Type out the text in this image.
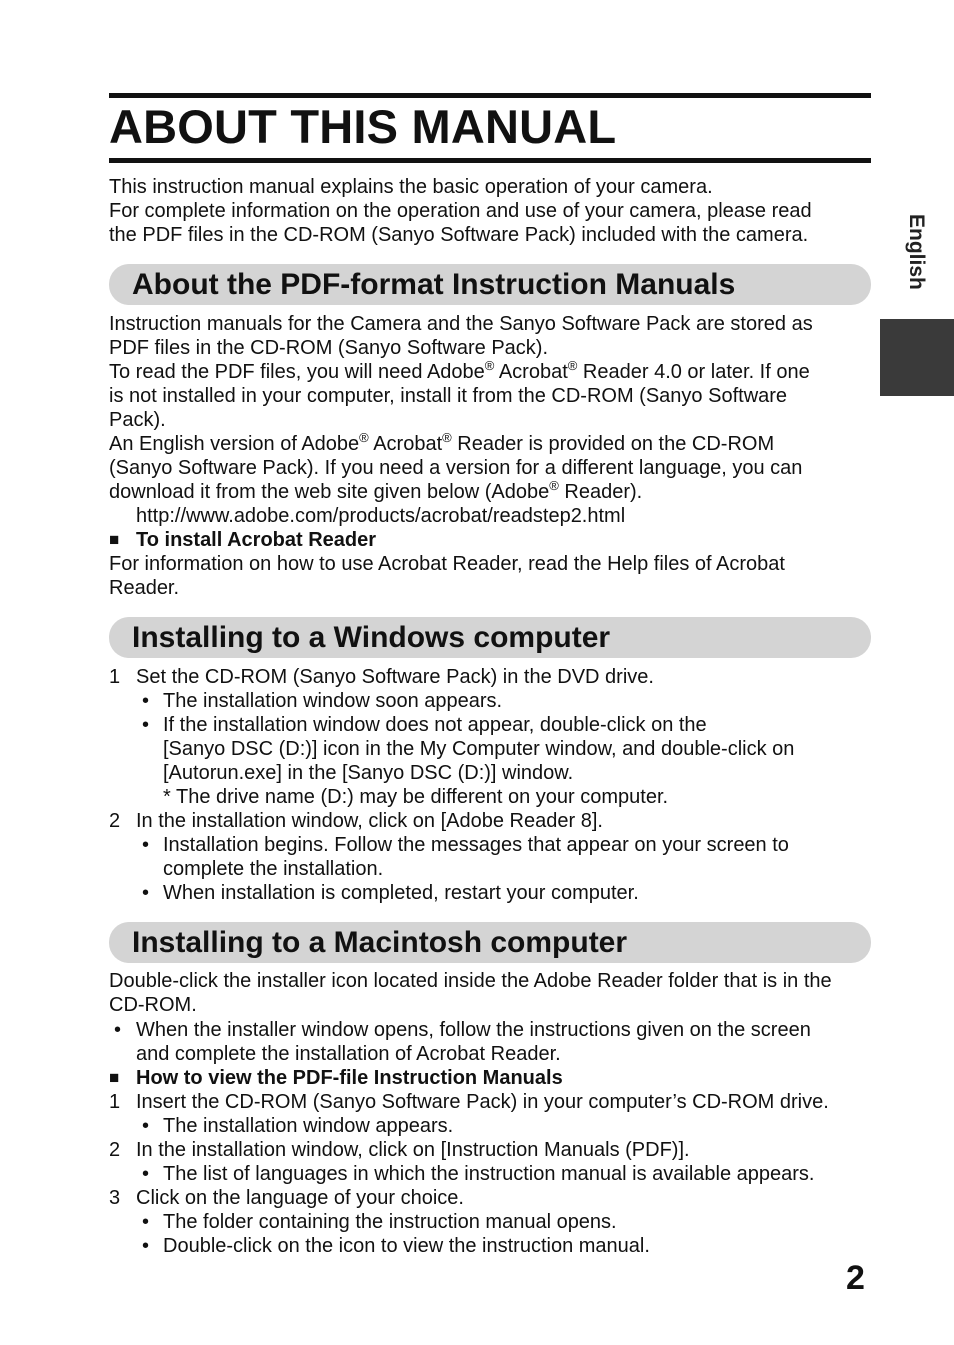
ABOUT THIS MANUAL
English
This instruction manual explains the basic operation of your camera.
For complete information on the operation and use of your camera, please read
the PDF files in the CD-ROM (Sanyo Software Pack) included with the camera.
About the PDF-format Instruction Manuals
Instruction manuals for the Camera and the Sanyo Software Pack are stored as
PDF files in the CD-ROM (Sanyo Software Pack).
To read the PDF files, you will need Adobe® Acrobat® Reader 4.0 or later. If one
is not installed in your computer, install it from the CD-ROM (Sanyo Software
Pack).
An English version of Adobe® Acrobat® Reader is provided on the CD-ROM
(Sanyo Software Pack). If you need a version for a different language, you can
download it from the web site given below (Adobe® Reader).
http://www.adobe.com/products/acrobat/readstep2.html
■ To install Acrobat Reader
For information on how to use Acrobat Reader, read the Help files of Acrobat
Reader.
Installing to a Windows computer
1 Set the CD-ROM (Sanyo Software Pack) in the DVD drive.
• The installation window soon appears.
• If the installation window does not appear, double-click on the
[Sanyo DSC (D:)] icon in the My Computer window, and double-click on
[Autorun.exe] in the [Sanyo DSC (D:)] window.
* The drive name (D:) may be different on your computer.
2 In the installation window, click on [Adobe Reader 8].
• Installation begins. Follow the messages that appear on your screen to
complete the installation.
• When installation is completed, restart your computer.
Installing to a Macintosh computer
Double-click the installer icon located inside the Adobe Reader folder that is in the
CD-ROM.
• When the installer window opens, follow the instructions given on the screen
and complete the installation of Acrobat Reader.
■ How to view the PDF-file Instruction Manuals
1 Insert the CD-ROM (Sanyo Software Pack) in your computer’s CD-ROM drive.
• The installation window appears.
2 In the installation window, click on [Instruction Manuals (PDF)].
• The list of languages in which the instruction manual is available appears.
3 Click on the language of your choice.
• The folder containing the instruction manual opens.
• Double-click on the icon to view the instruction manual.
2
